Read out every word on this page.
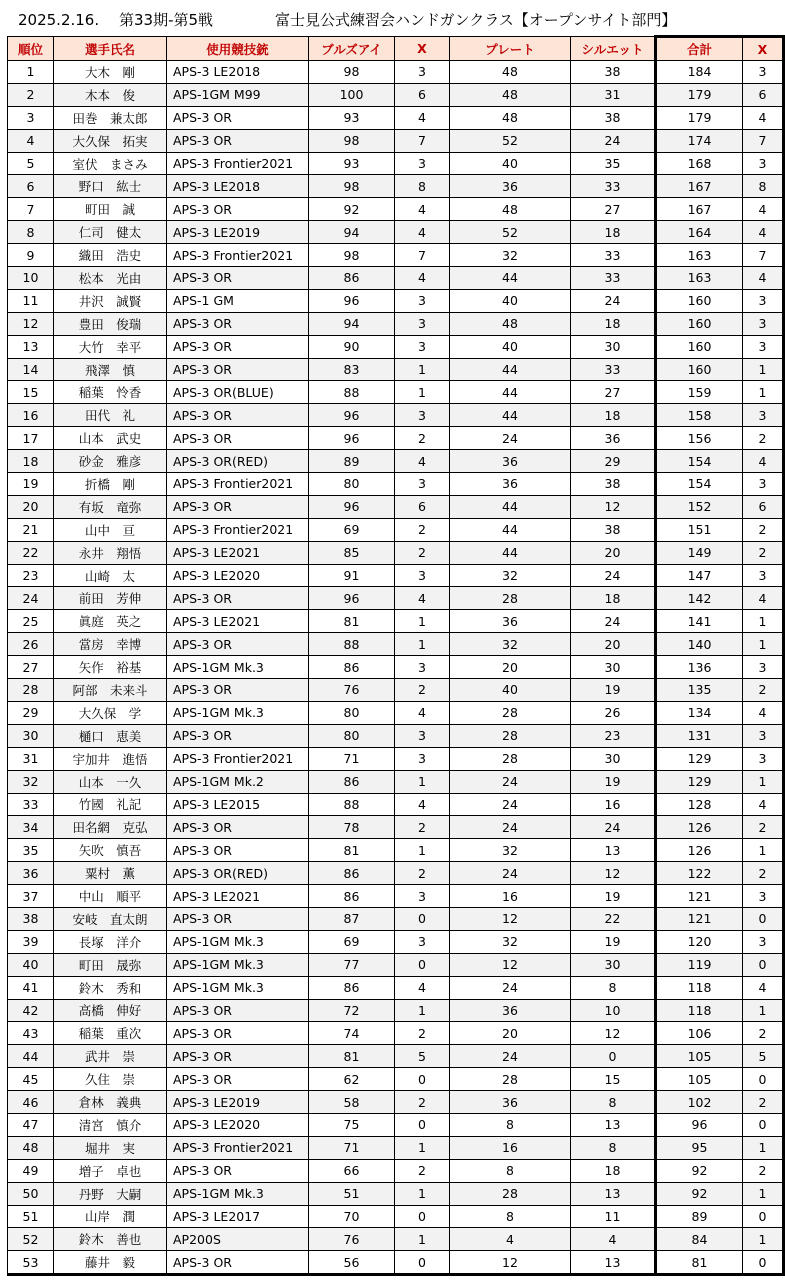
2025.2.16. 第33期-第5戦	富士見公式練習会ハンドガンクラス【オープンサイト部門】
順位	選手氏名	使用競技銃	ブルズアイ	X	プレート	シルエット	合計	X
1	大木　剛	APS-3 LE2018	98	3	48	38	184	3
2	木本　俊	APS-1GM M99	100	6	48	31	179	6
3	田巻　兼太郎	APS-3 OR	93	4	48	38	179	4
4	大久保　拓実	APS-3 OR	98	7	52	24	174	7
5	室伏　まさみ	APS-3 Frontier2021	93	3	40	35	168	3
6	野口　紘士	APS-3 LE2018	98	8	36	33	167	8
7	町田　誠	APS-3 OR	92	4	48	27	167	4
8	仁司　健太	APS-3 LE2019	94	4	52	18	164	4
9	織田　浩史	APS-3 Frontier2021	98	7	32	33	163	7
10	松本　光由	APS-3 OR	86	4	44	33	163	4
11	井沢　誠賢	APS-1 GM	96	3	40	24	160	3
12	豊田　俊瑞	APS-3 OR	94	3	48	18	160	3
13	大竹　幸平	APS-3 OR	90	3	40	30	160	3
14	飛澤　慎	APS-3 OR	83	1	44	33	160	1
15	稲葉　怜香	APS-3 OR(BLUE)	88	1	44	27	159	1
16	田代　礼	APS-3 OR	96	3	44	18	158	3
17	山本　武史	APS-3 OR	96	2	24	36	156	2
18	砂金　雅彦	APS-3 OR(RED)	89	4	36	29	154	4
19	折橋　剛	APS-3 Frontier2021	80	3	36	38	154	3
20	有坂　竜弥	APS-3 OR	96	6	44	12	152	6
21	山中　亘	APS-3 Frontier2021	69	2	44	38	151	2
22	永井　翔悟	APS-3 LE2021	85	2	44	20	149	2
23	山崎　太	APS-3 LE2020	91	3	32	24	147	3
24	前田　芳伸	APS-3 OR	96	4	28	18	142	4
25	眞庭　英之	APS-3 LE2021	81	1	36	24	141	1
26	當房　幸博	APS-3 OR	88	1	32	20	140	1
27	矢作　裕基	APS-1GM Mk.3	86	3	20	30	136	3
28	阿部　未来斗	APS-3 OR	76	2	40	19	135	2
29	大久保　学	APS-1GM Mk.3	80	4	28	26	134	4
30	樋口　恵美	APS-3 OR	80	3	28	23	131	3
31	宇加井　進悟	APS-3 Frontier2021	71	3	28	30	129	3
32	山本　一久	APS-1GM Mk.2	86	1	24	19	129	1
33	竹國　礼記	APS-3 LE2015	88	4	24	16	128	4
34	田名網　克弘	APS-3 OR	78	2	24	24	126	2
35	矢吹　慎吾	APS-3 OR	81	1	32	13	126	1
36	粟村　薫	APS-3 OR(RED)	86	2	24	12	122	2
37	中山　順平	APS-3 LE2021	86	3	16	19	121	3
38	安岐　直太朗	APS-3 OR	87	0	12	22	121	0
39	長塚　洋介	APS-1GM Mk.3	69	3	32	19	120	3
40	町田　晟弥	APS-1GM Mk.3	77	0	12	30	119	0
41	鈴木　秀和	APS-1GM Mk.3	86	4	24	8	118	4
42	高橋　伸好	APS-3 OR	72	1	36	10	118	1
43	稲葉　重次	APS-3 OR	74	2	20	12	106	2
44	武井　崇	APS-3 OR	81	5	24	0	105	5
45	久住　崇	APS-3 OR	62	0	28	15	105	0
46	倉林　義典	APS-3 LE2019	58	2	36	8	102	2
47	清宮　慎介	APS-3 LE2020	75	0	8	13	96	0
48	堀井　実	APS-3 Frontier2021	71	1	16	8	95	1
49	増子　卓也	APS-3 OR	66	2	8	18	92	2
50	丹野　大嗣	APS-1GM Mk.3	51	1	28	13	92	1
51	山岸　潤	APS-3 LE2017	70	0	8	11	89	0
52	鈴木　善也	AP200S	76	1	4	4	84	1
53	藤井　毅	APS-3 OR	56	0	12	13	81	0
